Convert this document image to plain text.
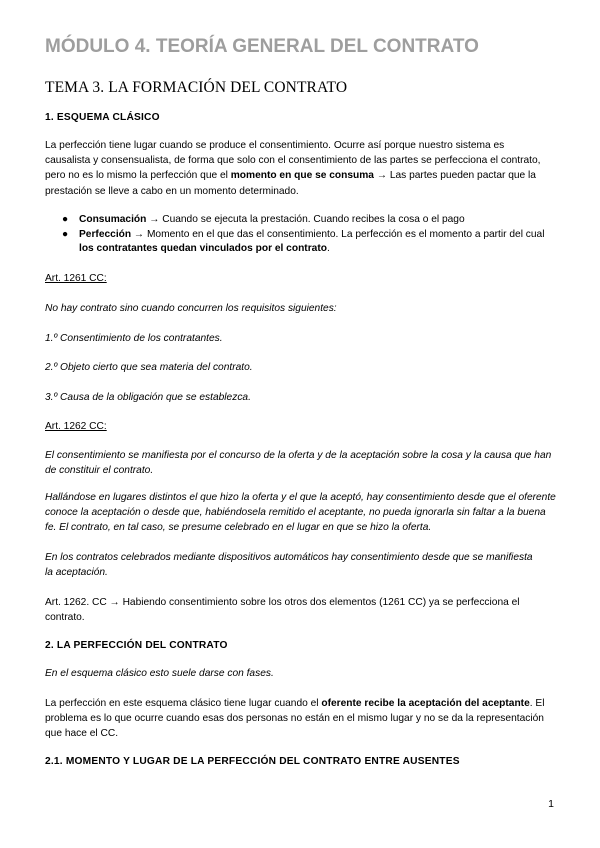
MÓDULO 4. TEORÍA GENERAL DEL CONTRATO
TEMA 3. LA FORMACIÓN DEL CONTRATO
1. ESQUEMA CLÁSICO
La perfección tiene lugar cuando se produce el consentimiento. Ocurre así porque nuestro sistema es causalista y consensualista, de forma que solo con el consentimiento de las partes se perfecciona el contrato, pero no es lo mismo la perfección que el momento en que se consuma → Las partes pueden pactar que la prestación se lleve a cabo en un momento determinado.
● Consumación → Cuando se ejecuta la prestación. Cuando recibes la cosa o el pago
● Perfección → Momento en el que das el consentimiento. La perfección es el momento a partir del cual los contratantes quedan vinculados por el contrato.
Art. 1261 CC:
No hay contrato sino cuando concurren los requisitos siguientes:
1.º Consentimiento de los contratantes.
2.º Objeto cierto que sea materia del contrato.
3.º Causa de la obligación que se establezca.
Art. 1262 CC:
El consentimiento se manifiesta por el concurso de la oferta y de la aceptación sobre la cosa y la causa que han de constituir el contrato.
Hallándose en lugares distintos el que hizo la oferta y el que la aceptó, hay consentimiento desde que el oferente conoce la aceptación o desde que, habiéndosela remitido el aceptante, no pueda ignorarla sin faltar a la buena fe. El contrato, en tal caso, se presume celebrado en el lugar en que se hizo la oferta.
En los contratos celebrados mediante dispositivos automáticos hay consentimiento desde que se manifiesta la aceptación.
Art. 1262. CC → Habiendo consentimiento sobre los otros dos elementos (1261 CC) ya se perfecciona el contrato.
2. LA PERFECCIÓN DEL CONTRATO
En el esquema clásico esto suele darse con fases.
La perfección en este esquema clásico tiene lugar cuando el oferente recibe la aceptación del aceptante. El problema es lo que ocurre cuando esas dos personas no están en el mismo lugar y no se da la representación que hace el CC.
2.1. MOMENTO Y LUGAR DE LA PERFECCIÓN DEL CONTRATO ENTRE AUSENTES
1
